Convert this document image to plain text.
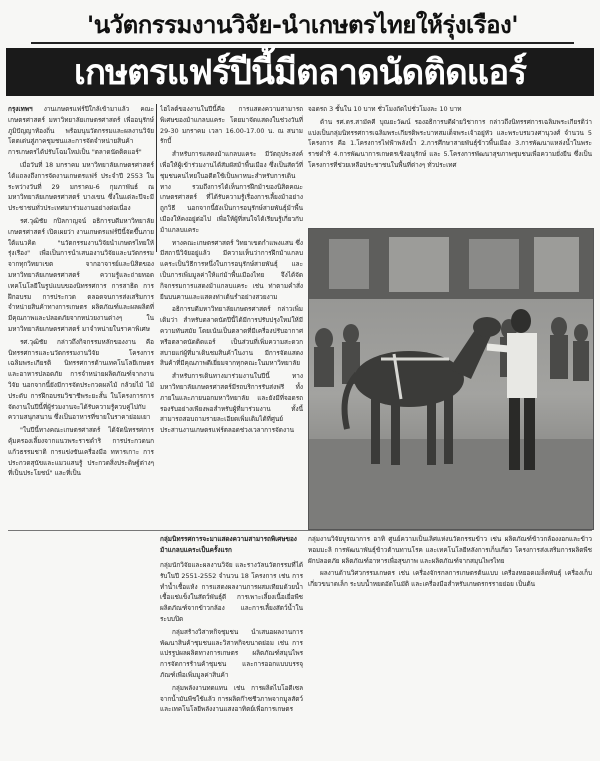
'นวัตกรรมงานวิจัย-นำเกษตรไทยให้รุ่งเรือง'
เกษตรแฟร์ปีนี้มีตลาดนัดติดแอร์

กรุงเทพฯ งานเกษตรแฟร์ปีใกล้เข้ามาแล้ว คณะเกษตรศาสตร์ มหาวิทยาลัยเกษตรศาสตร์ เพื่ออนุรักษ์ภูมิปัญญาท้องถิ่น พร้อมนุนวัตกรรมและผลงานวิจัยโดดเด่นสู่ภาคชุมชนและการจัดจำหน่ายสินค้าการเกษตรได้ปรับโฉมใหม่เป็น "ตลาดนัดติดแอร์"

เมื่อวันที่ 18 มกราคม มหาวิทยาลัยเกษตรศาสตร์ ได้แถลงถึงการจัดงานเกษตรแฟร์ ประจำปี 2553 ในระหว่างวันที่ 29 มกราคม-6 กุมภาพันธ์ ณ มหาวิทยาลัยเกษตรศาสตร์ บางเขน ซึ่งในแต่ละปีจะมีประชาชนทั่วประเทศมาร่วมงานอย่างต่อเนื่อง

รศ.วุฒิชัย กปิลกาญจน์ อธิการบดีมหาวิทยาลัยเกษตรศาสตร์ เปิดเผยว่า งานเกษตรแฟร์ปีนี้จัดขึ้นภายใต้แนวคิด "นวัตกรรมงานวิจัยนำเกษตรไทยให้รุ่งเรือง" เพื่อเป็นการนำเสนองานวิจัยและนวัตกรรม จากทุกวิทยาเขต จากอาจารย์และนิสิตของมหาวิทยาลัยเกษตรศาสตร์ ความรู้และถ่ายทอดเทคโนโลยีในรูปแบบของนิทรรศการ การสาธิต การฝึกอบรม การประกวด ตลอดจนการส่งเสริมการจำหน่ายสินค้าทางการเกษตร ผลิตภัณฑ์และผลผลิตที่มีคุณภาพและปลอดภัยจากหน่วยงานต่างๆ ในมหาวิทยาลัยเกษตรศาสตร์ มาจำหน่ายในราคาพิเศษ

รศ.วุฒิชัย กล่าวถึงกิจกรรมหลักของงาน คือ นิทรรศการและนวัตกรรมงานวิจัย โครงการเฉลิมพระเกียรติ นิทรรศการด้านเทคโนโลยีเกษตร และอาหารปลอดภัย การจำหน่ายผลิตภัณฑ์จากงานวิจัย นอกจากนี้ยังมีการจัดประกวดผลไม้ กล้วยไม้ ไม้ประดับ การฝึกอบรมวิชาชีพระยะสั้น ในโครงการการจัดงานในปีนี้ที่ผู้ร่วมงานจะได้รับความรู้ควบคู่ไปกับความสนุกสนาน ซึ่งเป็นอาหารที่ขายในราคาย่อมเยา

"ในปีนี้ทางคณะเกษตรศาสตร์ ได้จัดนิทรรศการคุ้มครองเลี้ยงจากแนวพระราชดำริ การประกวดนกแก้วธรรมชาติ การแข่งขันเครื่องมือ ทหารเกาะ การประกวดสุนัขและแมวแสนรู้ ประกวดสิ่งประดิษฐ์ต่างๆ ที่เป็นประโยชน์" และที่เป็น

ไฮไลต์ของงานในปีนี้คือ การแสดงความสามารถพิเศษของม้าแกลบแคระ โดยมาจัดแสดงในช่วงวันที่ 29-30 มกราคม เวลา 16.00-17.00 น. ณ สนามรักบี้

สำหรับการแสดงม้าแกลบแคระ มีวัตถุประสงค์เพื่อให้ผู้เข้าร่วมงานได้สัมผัสม้าพื้นเมือง ซึ่งเป็นสัตว์ที่ชุมชนคนไทยในอดีตใช้เป็นพาหนะสำหรับการเดินทาง รวมถึงการได้เห็นการฝึกม้าของนิสิตคณะเกษตรศาสตร์ ที่ได้รับความรู้เรื่องการเลี้ยงม้าอย่างถูกวิธี นอกจากนี้ยังเป็นการอนุรักษ์สายพันธุ์ม้าพื้นเมืองให้คงอยู่ต่อไป เพื่อให้ผู้ที่สนใจได้เรียนรู้เกี่ยวกับม้าแกลบแคระ

ทางคณะเกษตรศาสตร์ วิทยาเขตกำแพงแสน ซึ่งมีสถานีวิจัยอยู่แล้ว มีความเห็นว่าการฝึกม้าแกลบแคระเป็นวิธีการหนึ่งในการอนุรักษ์สายพันธุ์ และเป็นการเพิ่มมูลค่าให้แก่ม้าพื้นเมืองไทย จึงได้จัดกิจกรรมการแสดงม้าแกลบแคระ เช่น ท่าตามคำสั่ง ยืนบนคานและแสดงท่าเต้นรำอย่างสวยงาม

อธิการบดีมหาวิทยาลัยเกษตรศาสตร์ กล่าวเพิ่มเติมว่า สำหรับตลาดนัดปีนี้ได้มีการปรับปรุงใหม่ให้มีความทันสมัย โดยเน้นเป็นตลาดที่มีเครื่องปรับอากาศหรือตลาดนัดติดแอร์ เป็นส่วนที่เพิ่มความสะดวกสบายแก่ผู้ที่มาเดินชมสินค้าในงาน มีการจัดแสดงสินค้าที่มีคุณภาพดีเยี่ยมจากทุกคณะในมหาวิทยาลัย

สำหรับการเดินทางมาร่วมงานในปีนี้ ทางมหาวิทยาลัยเกษตรศาสตร์มีรถบริการรับส่งฟรี ทั้งภายในและภายนอกมหาวิทยาลัย และยังมีที่จอดรถรองรับอย่างเพียงพอสำหรับผู้ที่มาร่วมงาน ทั้งนี้สามารถสอบถามรายละเอียดเพิ่มเติมได้ที่ศูนย์ประสานงานเกษตรแฟร์ตลอดช่วงเวลาการจัดงาน

จอดรถ 3 ชั้นใน 10 บาท ชั่วโมงถัดไปชั่วโมงละ 10 บาท

ด้าน รศ.ดร.สามัคคี บุณยะวัฒน์ รองอธิการบดีฝ่ายวิชาการ กล่าวถึงนิทรรศการเฉลิมพระเกียรติว่า แบ่งเป็นกลุ่มนิทรรศการเฉลิมพระเกียรติพระบาทสมเด็จพระเจ้าอยู่หัว และพระบรมวงศานุวงศ์ จำนวน 5 โครงการ คือ 1.โครงการไฟฟ้าพลังน้ำ 2.การศึกษาสายพันธุ์ข้าวพื้นเมือง 3.การพัฒนาแหล่งน้ำในพระราชดำริ 4.การพัฒนาการเกษตรเชิงอนุรักษ์ และ 5.โครงการพัฒนาสุขภาพชุมชนเพื่อความยั่งยืน ซึ่งเป็นโครงการที่ช่วยเหลือประชาชนในพื้นที่ต่างๆ ทั่วประเทศ

กลุ่มนิทรรศการจะมาแสดงความสามารถพิเศษของม้าแกลบแคระเป็นครั้งแรก

กลุ่มนักวิจัยและผลงานวิจัย และรางวัลนวัตกรรมที่ได้รับในปี 2551-2552 จำนวน 18 โครงการ เช่น การทำน้ำเชื้อแห้ง การแสดงผลงานการผสมเทียมด้วยน้ำเชื้อแช่แข็งในสัตว์พันธุ์ดี การเพาะเลี้ยงเนื้อเยื่อพืช ผลิตภัณฑ์จากข้าวกล้อง และการเลี้ยงสัตว์น้ำในระบบปิด

กลุ่มสร้างวิสาหกิจชุมชน นำเสนอผลงานการพัฒนาสินค้าชุมชนและวิสาหกิจขนาดย่อม เช่น การแปรรูปผลผลิตทางการเกษตร ผลิตภัณฑ์สมุนไพร การจัดการร้านค้าชุมชน และการออกแบบบรรจุภัณฑ์เพื่อเพิ่มมูลค่าสินค้า

กลุ่มพลังงานทดแทน เช่น การผลิตไบโอดีเซลจากน้ำมันพืชใช้แล้ว การผลิตก๊าซชีวภาพจากมูลสัตว์ และเทคโนโลยีพลังงานแสงอาทิตย์เพื่อการเกษตร

กลุ่มงานวิจัยบูรณาการ อาทิ ศูนย์ความเป็นเลิศแห่งนวัตกรรมข้าว เช่น ผลิตภัณฑ์ข้าวกล้องงอกและข้าวหอมมะลิ การพัฒนาพันธุ์ข้าวต้านทานโรค และเทคโนโลยีหลังการเก็บเกี่ยว โครงการส่งเสริมการผลิตพืชผักปลอดภัย ผลิตภัณฑ์อาหารเพื่อสุขภาพ และผลิตภัณฑ์จากสมุนไพรไทย

ผลงานด้านวิศวกรรมเกษตร เช่น เครื่องจักรกลการเกษตรต้นแบบ เครื่องหยอดเมล็ดพันธุ์ เครื่องเก็บเกี่ยวขนาดเล็ก ระบบน้ำหยดอัตโนมัติ และเครื่องมือสำหรับเกษตรกรรายย่อย เป็นต้น
